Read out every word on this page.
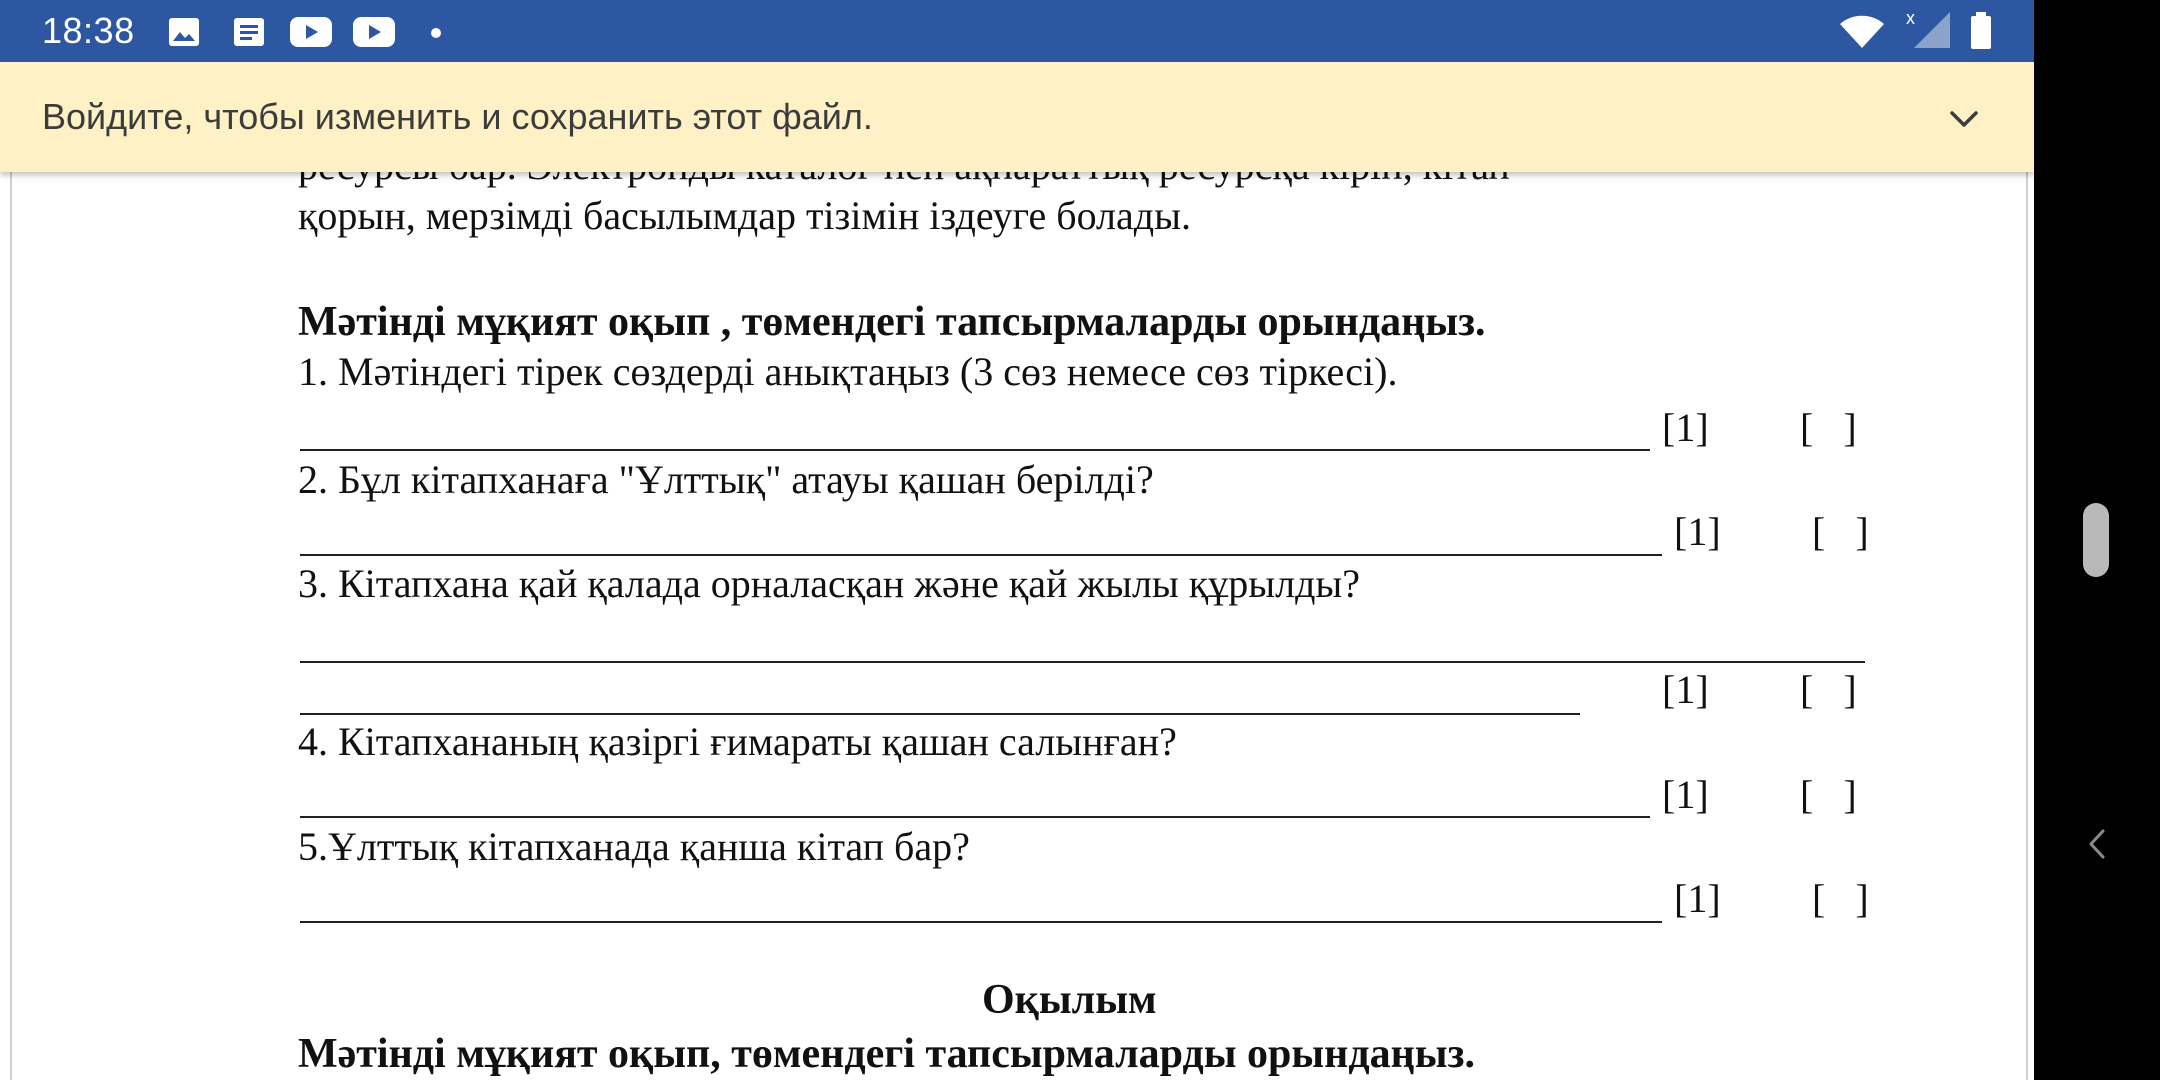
18:38	x
қорын, мерзімді басылымдар тізімін іздеуге болады.
Мәтінді мұқият оқып , төмендегі тапсырмаларды орындаңыз.
1. Мәтіндегі тірек сөздерді анықтаңыз (3 сөз немесе сөз тіркесі).
[1] [   ]
2. Бұл кітапханаға "Ұлттық" атауы қашан берілді?
[1] [   ]
3. Кітапхана қай қалада орналасқан және қай жылы құрылды?
[1] [   ]
4. Кітапхананың қазіргі ғимараты қашан салынған?
[1] [   ]
5.Ұлттық кітапханада қанша кітап бар?
[1] [   ]
Оқылым
Мәтінді мұқият оқып, төмендегі тапсырмаларды орындаңыз.
Войдите, чтобы изменить и сохранить этот файл.
